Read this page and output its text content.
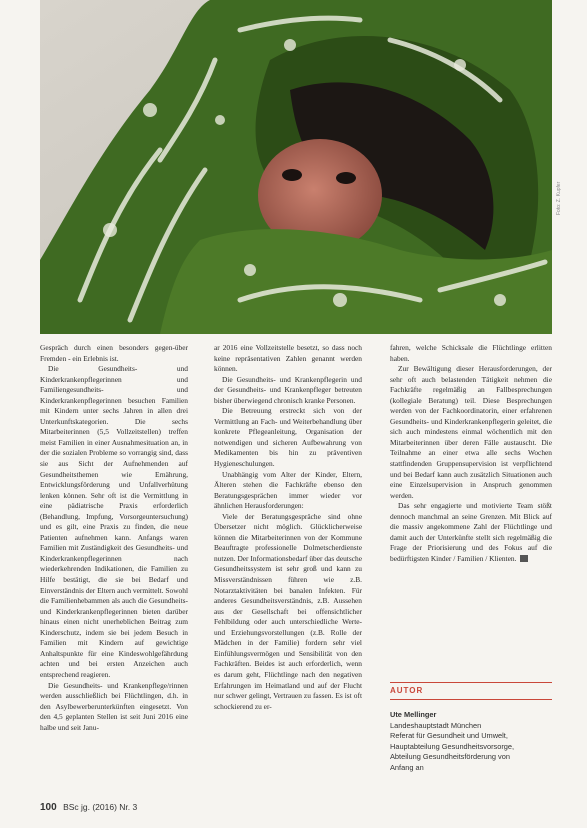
Foto: Z. Kupfer

Gespräch durch einen besonders gegen-über Fremden - ein Erlebnis ist.

Die Gesundheits- und Kinderkrankenpflegerinnen und Familiengesundheits- und Kinderkrankenpflegerinnen besuchen Familien mit Kindern unter sechs Jahren in allen drei Unterkunftskategorien. Die sechs Mitarbeiterinnen (5,5 Vollzeitstellen) treffen meist Familien in einer Ausnahmesituation an, in der die sozialen Probleme so vorrangig sind, dass sie aus Sicht der Aufnehmenden auf Gesundheitsthemen wie Ernährung, Entwicklungsförderung und Unfallverhütung lenken können. Sehr oft ist die Vermittlung in eine pädiatrische Praxis erforderlich (Behandlung, Impfung, Vorsorgeuntersuchung) und es gilt, eine Praxis zu finden, die neue Patienten aufnehmen kann. Anfangs waren Familien mit Zuständigkeit des Gesundheits- und Kinderkrankenpflegerinnen nach wiederkehrenden Indikationen, die Familien zu Hilfe bestätigt, die sie bei Bedarf und Einverständnis der Eltern auch vermittelt. Sowohl die Familienhebammen als auch die Gesundheits- und Kinderkrankenpflegerinnen bieten darüber hinaus einen nicht unerheblichen Beitrag zum Kinderschutz, indem sie bei jedem Besuch in Familien mit Kindern auf gewichtige Anhaltspunkte für eine Kindeswohlgefährdung achten und bei ersten Anzeichen auch entsprechend reagieren.

Die Gesundheits- und Krankenpflege/rinnen werden ausschließlich bei Flüchtlingen, d.h. in den Asylbewerberunterkünften eingesetzt. Von den 4,5 geplanten Stellen ist seit Juni 2016 eine halbe und seit Janu-

ar 2016 eine Vollzeitstelle besetzt, so dass noch keine repräsentativen Zahlen genannt werden können.

Die Gesundheits- und Krankenpflegerin und der Gesundheits- und Krankenpfleger betreuten bisher überwiegend chronisch kranke Personen.

Die Betreuung erstreckt sich von der Vermittlung an Fach- und Weiterbehandlung über konkrete Pflegeanleitung, Organisation der notwendigen und sicheren Aufbewahrung von Medikamenten bis hin zu präventiven Hygieneschulungen.

Unabhängig vom Alter der Kinder, Eltern, Älteren stehen die Fachkräfte ebenso den Beratungsgesprächen immer wieder vor ähnlichen Herausforderungen:

Viele der Beratungsgespräche sind ohne Übersetzer nicht möglich. Glücklicherweise können die Mitarbeiterinnen von der Kommune Beauftragte professionelle Dolmetscherdienste nutzen. Der Informationsbedarf über das deutsche Gesundheitssystem ist sehr groß und kann zu Missverständnissen führen wie z.B. Notarztaktivitäten bei banalen Infekten. Für anderes Gesundheitsverständnis, z.B. Aussehen aus der Gesellschaft bei offensichtlicher Fehlbildung oder auch unterschiedliche Werte- und Erziehungsvorstellungen (z.B. Rolle der Mädchen in der Familie) fordern sehr viel Einfühlungsvermögen und Sensibilität von den Fachkräften. Beides ist auch erforderlich, wenn es darum geht, Flüchtlinge nach den negativen Erfahrungen im Heimatland und auf der Flucht nur schwer gelingt, Vertrauen zu fassen. Es ist oft schockierend zu er-

fahren, welche Schicksale die Flüchtlinge erlitten haben.

Zur Bewältigung dieser Herausforderungen, der sehr oft auch belastenden Tätigkeit nehmen die Fachkräfte regelmäßig an Fallbesprechungen (kollegiale Beratung) teil. Diese Besprechungen werden von der Fachkoordinatorin, einer erfahrenen Gesundheits- und Kinderkrankenpflegerin geleitet, die sich auch mindestens einmal wöchentlich mit den Mitarbeiterinnen über deren Fälle austauscht. Die Teilnahme an einer etwa alle sechs Wochen stattfindenden Gruppensupervision ist verpflichtend und bei Bedarf kann auch zusätzlich Situationen auch eine Einzelsupervision in Anspruch genommen werden.

Das sehr engagierte und motivierte Team stößt dennoch manchmal an seine Grenzen. Mit Blick auf die massiv angekommene Zahl der Flüchtlinge und damit auch der Unterkünfte stellt sich regelmäßig die Frage der Priorisierung und des Fokus auf die bedürftigsten Kinder / Familien / Klienten.

AUTOR
Ute Mellinger
Landeshauptstadt München
Referat für Gesundheit und Umwelt,
Hauptabteilung Gesundheitsvorsorge,
Abteilung Gesundheitsförderung von
Anfang an
100 BSc jg. (2016) Nr. 3
